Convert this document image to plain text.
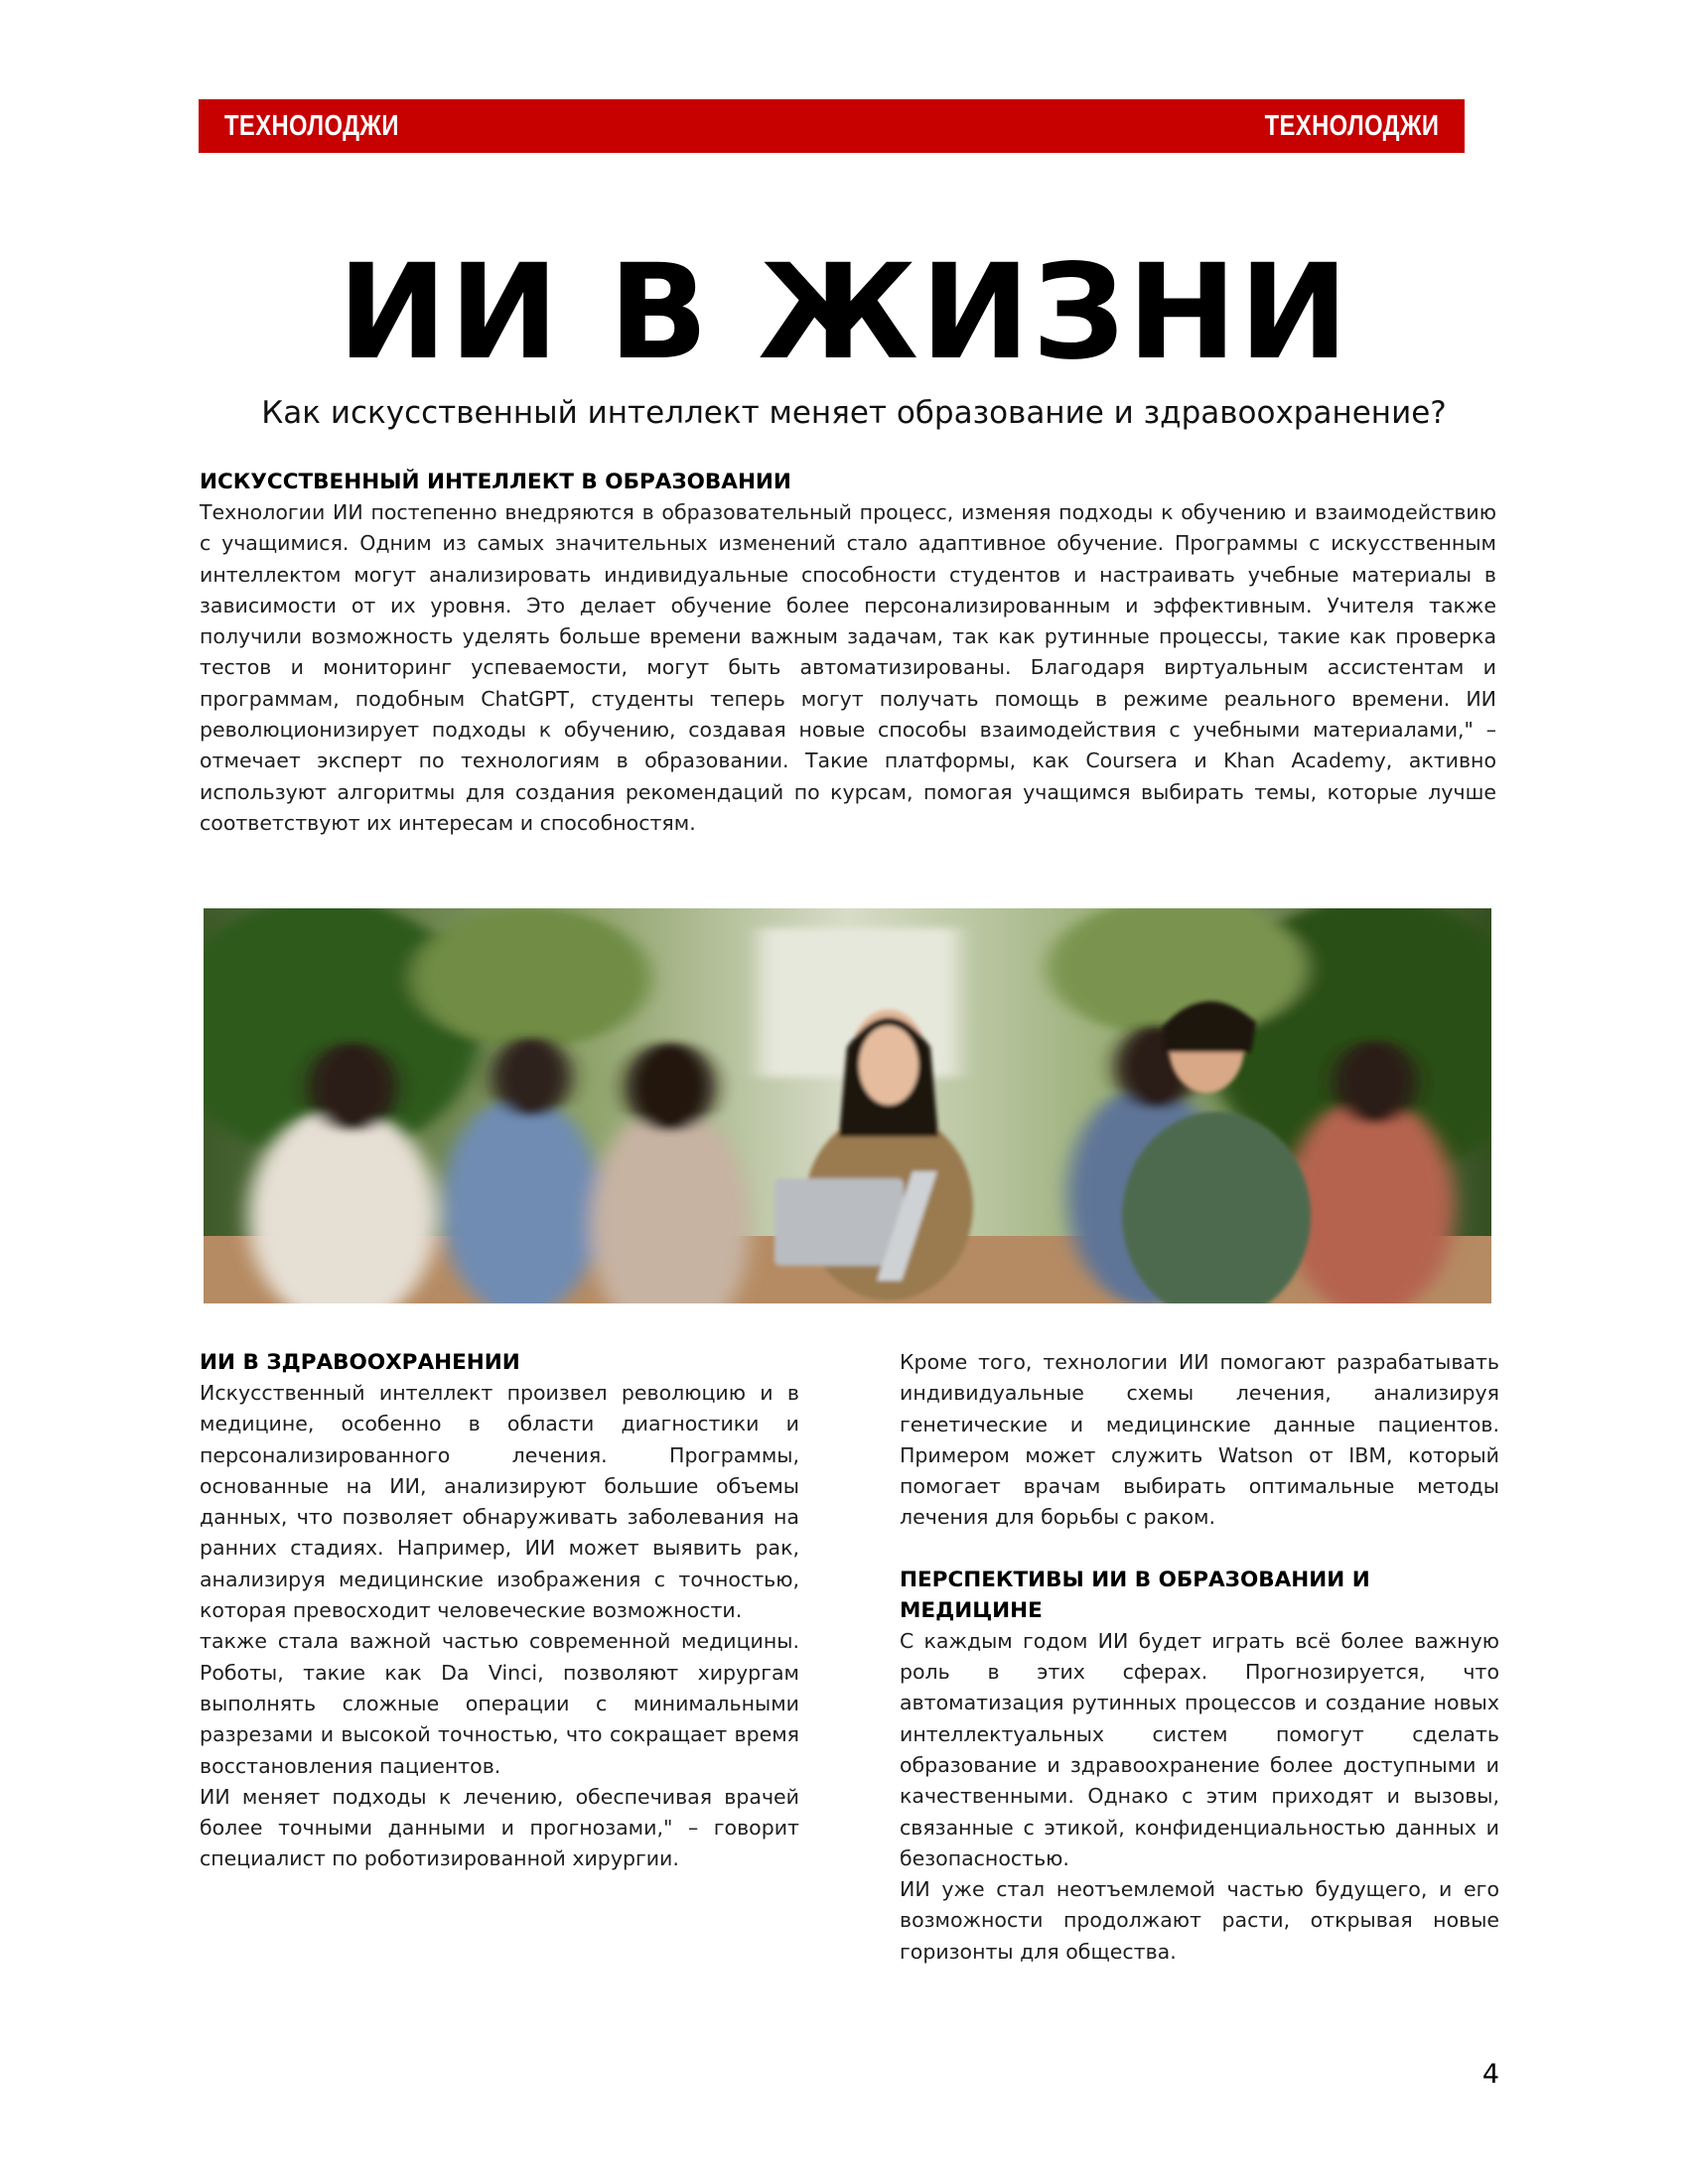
ТЕХНОЛОДЖИ	ТЕХНОЛОДЖИ
ИИ В ЖИЗНИ

Как искусственный интеллект меняет образование и здравоохранение?

ИСКУССТВЕННЫЙ ИНТЕЛЛЕКТ В ОБРАЗОВАНИИ

Технологии ИИ постепенно внедряются в образовательный процесс, изменяя подходы к обучению и взаимодействию с учащимися. Одним из самых значительных изменений стало адаптивное обучение. Программы с искусственным интеллектом могут анализировать индивидуальные способности студентов и настраивать учебные материалы в зависимости от их уровня. Это делает обучение более персонализированным и эффективным. Учителя также получили возможность уделять больше времени важным задачам, так как рутинные процессы, такие как проверка тестов и мониторинг успеваемости, могут быть автоматизированы. Благодаря виртуальным ассистентам и программам, подобным ChatGPT, студенты теперь могут получать помощь в режиме реального времени. ИИ революционизирует подходы к обучению, создавая новые способы взаимодействия с учебными материалами," – отмечает эксперт по технологиям в образовании. Такие платформы, как Coursera и Khan Academy, активно используют алгоритмы для создания рекомендаций по курсам, помогая учащимся выбирать темы, которые лучше соответствуют их интересам и способностям.

ИИ В ЗДРАВООХРАНЕНИИ

Искусственный интеллект произвел революцию и в медицине, особенно в области диагностики и персонализированного лечения. Программы, основанные на ИИ, анализируют большие объемы данных, что позволяет обнаруживать заболевания на ранних стадиях. Например, ИИ может выявить рак, анализируя медицинские изображения с точностью, которая превосходит человеческие возможности.

также стала важной частью современной медицины. Роботы, такие как Da Vinci, позволяют хирургам выполнять сложные операции с минимальными разрезами и высокой точностью, что сокращает время восстановления пациентов.

ИИ меняет подходы к лечению, обеспечивая врачей более точными данными и прогнозами," – говорит специалист по роботизированной хирургии.

Кроме того, технологии ИИ помогают разрабатывать индивидуальные схемы лечения, анализируя генетические и медицинские данные пациентов. Примером может служить Watson от IBM, который помогает врачам выбирать оптимальные методы лечения для борьбы с раком.

ПЕРСПЕКТИВЫ ИИ В ОБРАЗОВАНИИ И МЕДИЦИНЕ

С каждым годом ИИ будет играть всё более важную роль в этих сферах. Прогнозируется, что автоматизация рутинных процессов и создание новых интеллектуальных систем помогут сделать образование и здравоохранение более доступными и качественными. Однако с этим приходят и вызовы, связанные с этикой, конфиденциальностью данных и безопасностью.

ИИ уже стал неотъемлемой частью будущего, и его возможности продолжают расти, открывая новые горизонты для общества.

4
